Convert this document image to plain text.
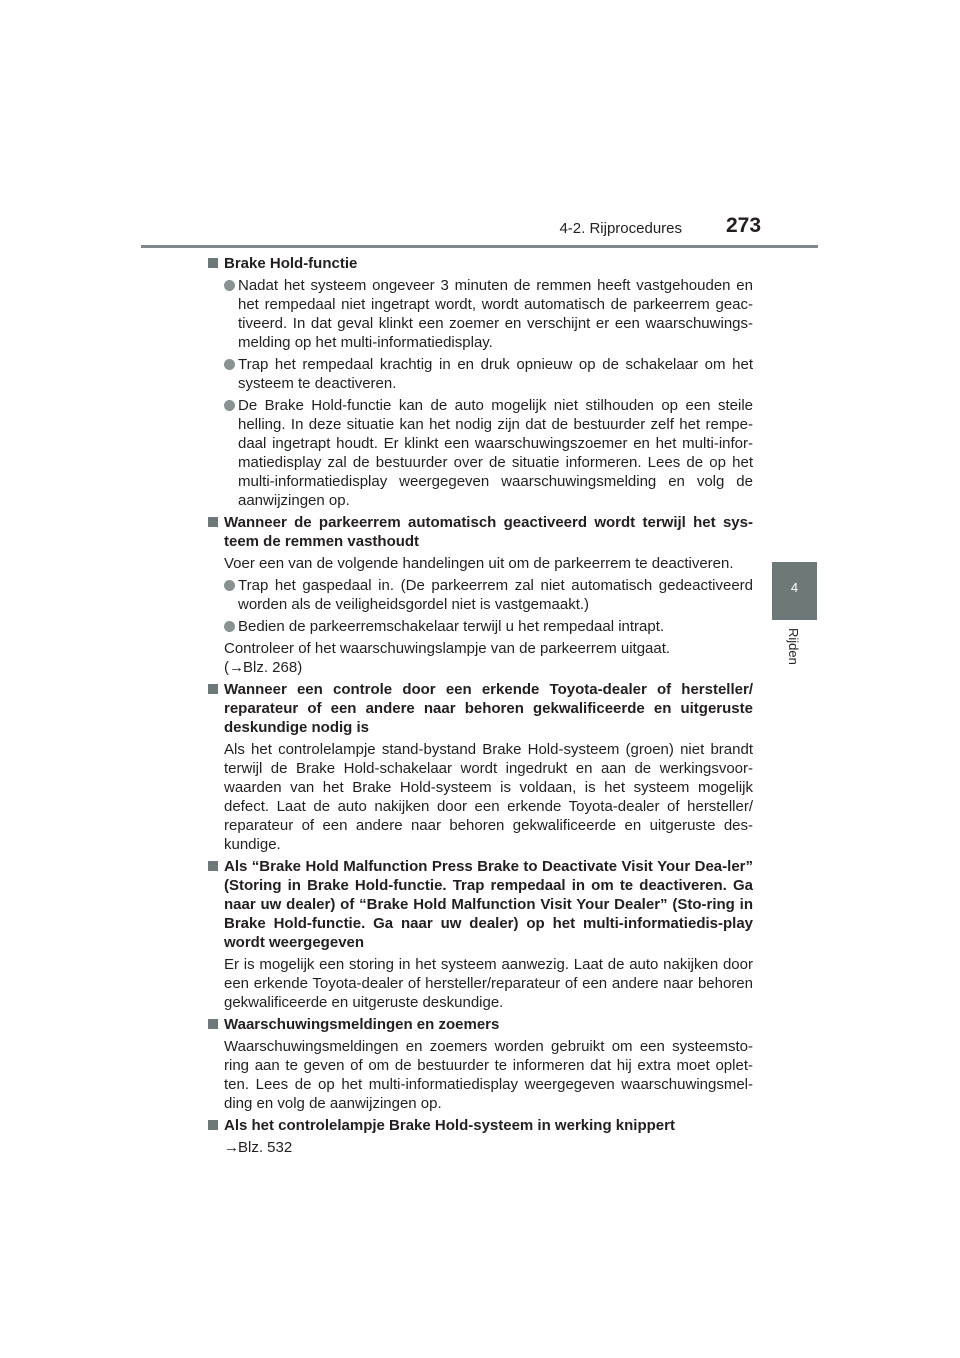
4-2. Rijprocedures 273
4
Rijden
Brake Hold-functie
Nadat het systeem ongeveer 3 minuten de remmen heeft vastgehouden en het rempedaal niet ingetrapt wordt, wordt automatisch de parkeerrem geac-tiveerd. In dat geval klinkt een zoemer en verschijnt er een waarschuwings-melding op het multi-informatiedisplay.
Trap het rempedaal krachtig in en druk opnieuw op de schakelaar om het systeem te deactiveren.
De Brake Hold-functie kan de auto mogelijk niet stilhouden op een steile helling. In deze situatie kan het nodig zijn dat de bestuurder zelf het rempe-daal ingetrapt houdt. Er klinkt een waarschuwingszoemer en het multi-infor-matiedisplay zal de bestuurder over de situatie informeren. Lees de op het multi-informatiedisplay weergegeven waarschuwingsmelding en volg de aanwijzingen op.
Wanneer de parkeerrem automatisch geactiveerd wordt terwijl het sys-teem de remmen vasthoudt
Voer een van de volgende handelingen uit om de parkeerrem te deactiveren.
Trap het gaspedaal in. (De parkeerrem zal niet automatisch gedeactiveerd worden als de veiligheidsgordel niet is vastgemaakt.)
Bedien de parkeerremschakelaar terwijl u het rempedaal intrapt.
Controleer of het waarschuwingslampje van de parkeerrem uitgaat.
(→Blz. 268)
Wanneer een controle door een erkende Toyota-dealer of hersteller/ reparateur of een andere naar behoren gekwalificeerde en uitgeruste deskundige nodig is
Als het controlelampje stand-bystand Brake Hold-systeem (groen) niet brandt terwijl de Brake Hold-schakelaar wordt ingedrukt en aan de werkingsvoor-waarden van het Brake Hold-systeem is voldaan, is het systeem mogelijk defect. Laat de auto nakijken door een erkende Toyota-dealer of hersteller/ reparateur of een andere naar behoren gekwalificeerde en uitgeruste des-kundige.
Als “Brake Hold Malfunction Press Brake to Deactivate Visit Your Dea-ler” (Storing in Brake Hold-functie. Trap rempedaal in om te deactiveren. Ga naar uw dealer) of “Brake Hold Malfunction Visit Your Dealer” (Sto-ring in Brake Hold-functie. Ga naar uw dealer) op het multi-informatiedis-play wordt weergegeven
Er is mogelijk een storing in het systeem aanwezig. Laat de auto nakijken door een erkende Toyota-dealer of hersteller/reparateur of een andere naar behoren gekwalificeerde en uitgeruste deskundige.
Waarschuwingsmeldingen en zoemers
Waarschuwingsmeldingen en zoemers worden gebruikt om een systeemsto-ring aan te geven of om de bestuurder te informeren dat hij extra moet oplet-ten. Lees de op het multi-informatiedisplay weergegeven waarschuwingsmel-ding en volg de aanwijzingen op.
Als het controlelampje Brake Hold-systeem in werking knippert
→Blz. 532
